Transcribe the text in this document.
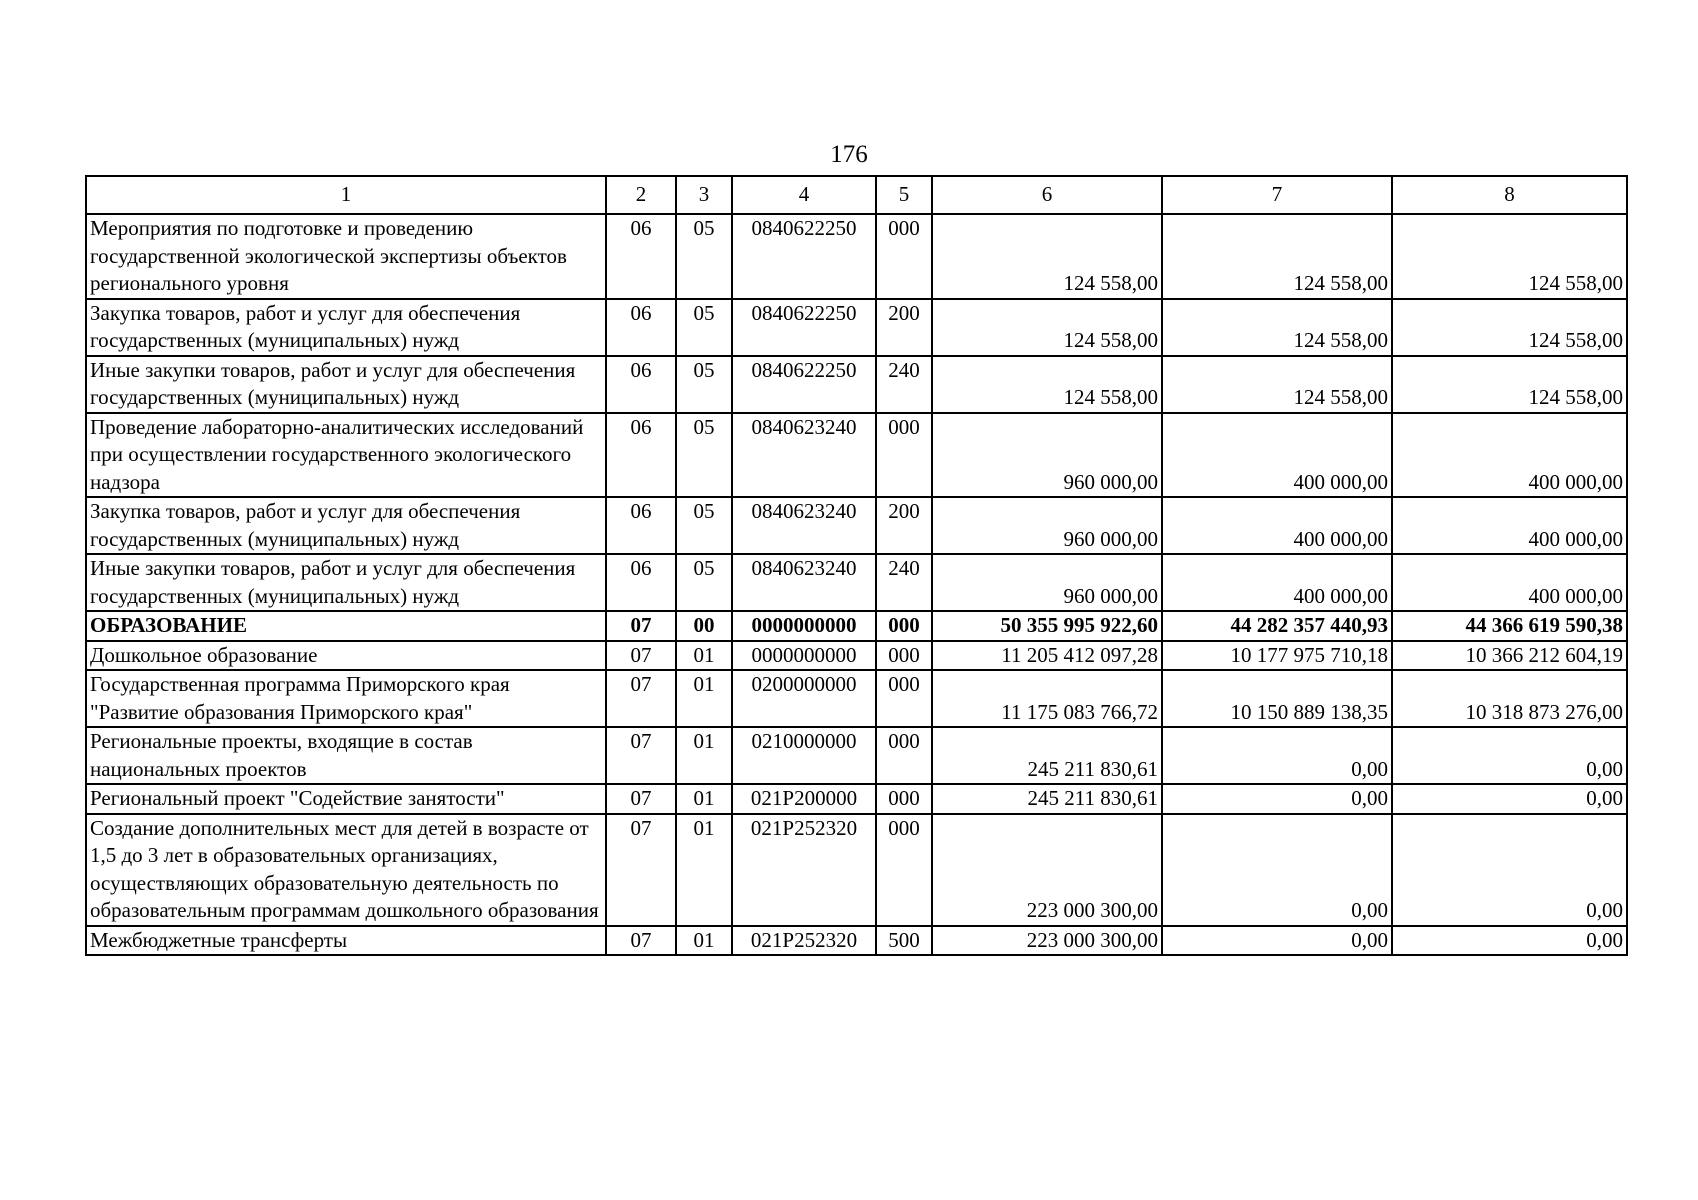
176
1	2	3	4	5	6	7	8
Мероприятия по подготовке и проведению государственной экологической экспертизы объектов регионального уровня	06	05	0840622250	000	124 558,00	124 558,00	124 558,00
Закупка товаров, работ и услуг для обеспечения государственных (муниципальных) нужд	06	05	0840622250	200	124 558,00	124 558,00	124 558,00
Иные закупки товаров, работ и услуг для обеспечения государственных (муниципальных) нужд	06	05	0840622250	240	124 558,00	124 558,00	124 558,00
Проведение лабораторно-аналитических исследований при осуществлении государственного экологического надзора	06	05	0840623240	000	960 000,00	400 000,00	400 000,00
Закупка товаров, работ и услуг для обеспечения государственных (муниципальных) нужд	06	05	0840623240	200	960 000,00	400 000,00	400 000,00
Иные закупки товаров, работ и услуг для обеспечения государственных (муниципальных) нужд	06	05	0840623240	240	960 000,00	400 000,00	400 000,00
ОБРАЗОВАНИЕ	07	00	0000000000	000	50 355 995 922,60	44 282 357 440,93	44 366 619 590,38
Дошкольное образование	07	01	0000000000	000	11 205 412 097,28	10 177 975 710,18	10 366 212 604,19
Государственная программа Приморского края "Развитие образования Приморского края"	07	01	0200000000	000	11 175 083 766,72	10 150 889 138,35	10 318 873 276,00
Региональные проекты, входящие в состав национальных проектов	07	01	0210000000	000	245 211 830,61	0,00	0,00
Региональный проект "Содействие занятости"	07	01	021P200000	000	245 211 830,61	0,00	0,00
Создание дополнительных мест для детей в возрасте от 1,5 до 3 лет в образовательных организациях, осуществляющих образовательную деятельность по образовательным программам дошкольного образования	07	01	021P252320	000	223 000 300,00	0,00	0,00
Межбюджетные трансферты	07	01	021P252320	500	223 000 300,00	0,00	0,00
